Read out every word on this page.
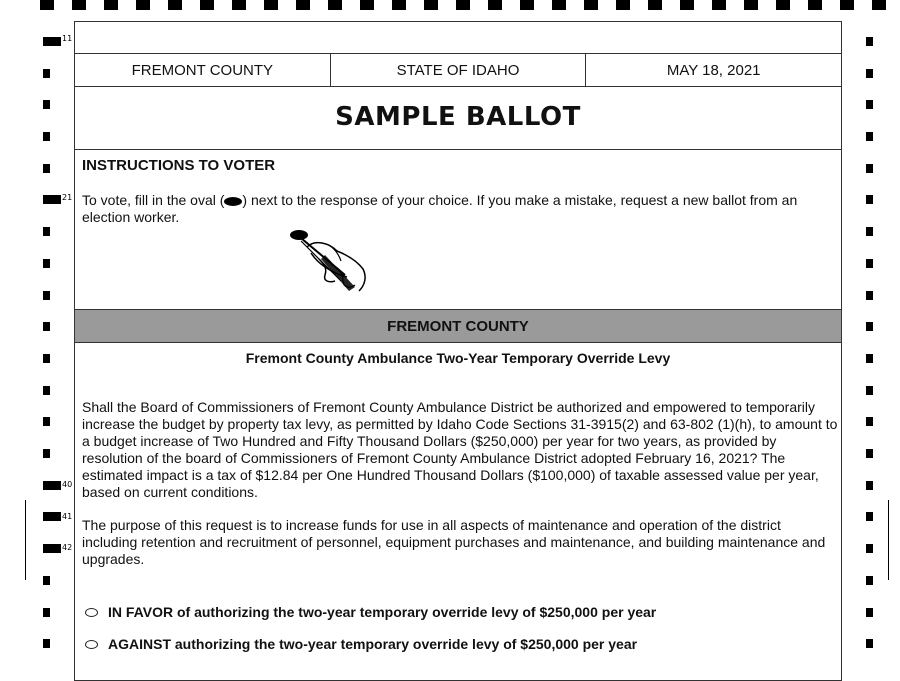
11
21
40
41
42
FREMONT COUNTY	STATE OF IDAHO	MAY 18, 2021
SAMPLE BALLOT
INSTRUCTIONS TO VOTER
To vote, fill in the oval ( ) next to the response of your choice. If you make a mistake, request a new ballot from an election worker.
FREMONT COUNTY
Fremont County Ambulance Two-Year Temporary Override Levy
Shall the Board of Commissioners of Fremont County Ambulance District be authorized and empowered to temporarily increase the budget by property tax levy, as permitted by Idaho Code Sections 31-3915(2) and 63-802 (1)(h), to amount to a budget increase of Two Hundred and Fifty Thousand Dollars ($250,000) per year for two years, as provided by resolution of the board of Commissioners of Fremont County Ambulance District adopted February 16, 2021? The estimated impact is a tax of $12.84 per One Hundred Thousand Dollars ($100,000) of taxable assessed value per year, based on current conditions.
The purpose of this request is to increase funds for use in all aspects of maintenance and operation of the district including retention and recruitment of personnel, equipment purchases and maintenance, and building maintenance and upgrades.
IN FAVOR of authorizing the two-year temporary override levy of $250,000 per year
AGAINST authorizing the two-year temporary override levy of $250,000 per year
